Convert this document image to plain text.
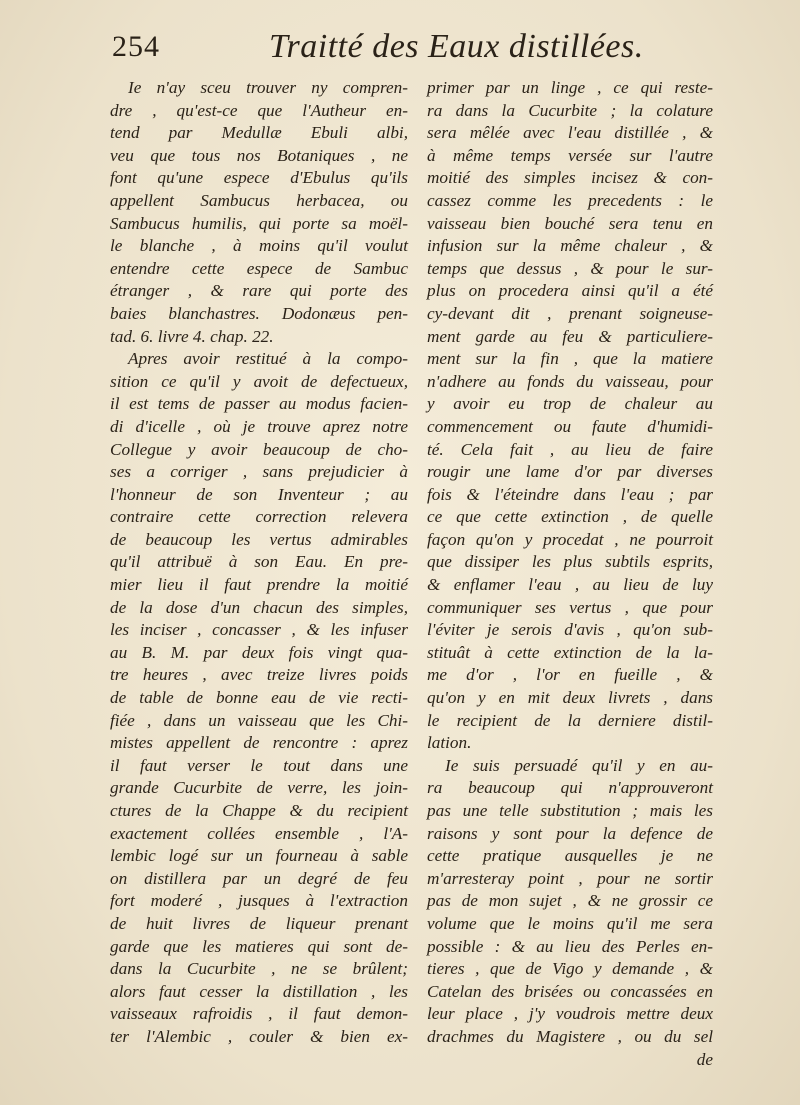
254	Traitté des Eaux distillées.
Ie n'ay sceu trouver ny compren-
dre , qu'est-ce que l'Autheur en-
tend par Medullæ Ebuli albi,
veu que tous nos Botaniques , ne
font qu'une espece d'Ebulus qu'ils
appellent Sambucus herbacea, ou
Sambucus humilis, qui porte sa moël-
le blanche , à moins qu'il voulut
entendre cette espece de Sambuc
étranger , & rare qui porte des
baies blanchastres. Dodonæus pen-
tad. 6. livre 4. chap. 22.
Apres avoir restitué à la compo-
sition ce qu'il y avoit de defectueux,
il est tems de passer au modus facien-
di d'icelle , où je trouve aprez notre
Collegue y avoir beaucoup de cho-
ses a corriger , sans prejudicier à
l'honneur de son Inventeur ; au
contraire cette correction relevera
de beaucoup les vertus admirables
qu'il attribuë à son Eau. En pre-
mier lieu il faut prendre la moitié
de la dose d'un chacun des simples,
les inciser , concasser , & les infuser
au B. M. par deux fois vingt qua-
tre heures , avec treize livres poids
de table de bonne eau de vie recti-
fiée , dans un vaisseau que les Chi-
mistes appellent de rencontre : aprez
il faut verser le tout dans une
grande Cucurbite de verre, les join-
ctures de la Chappe & du recipient
exactement collées ensemble , l'A-
lembic logé sur un fourneau à sable
on distillera par un degré de feu
fort moderé , jusques à l'extraction
de huit livres de liqueur prenant
garde que les matieres qui sont de-
dans la Cucurbite , ne se brûlent;
alors faut cesser la distillation , les
vaisseaux rafroidis , il faut demon-
ter l'Alembic , couler & bien ex-
primer par un linge , ce qui reste-
ra dans la Cucurbite ; la colature
sera mêlée avec l'eau distillée , &
à même temps versée sur l'autre
moitié des simples incisez & con-
cassez comme les precedents : le
vaisseau bien bouché sera tenu en
infusion sur la même chaleur , &
temps que dessus , & pour le sur-
plus on procedera ainsi qu'il a été
cy-devant dit , prenant soigneuse-
ment garde au feu & particuliere-
ment sur la fin , que la matiere
n'adhere au fonds du vaisseau, pour
y avoir eu trop de chaleur au
commencement ou faute d'humidi-
té. Cela fait , au lieu de faire
rougir une lame d'or par diverses
fois & l'éteindre dans l'eau ; par
ce que cette extinction , de quelle
façon qu'on y procedat , ne pourroit
que dissiper les plus subtils esprits,
& enflamer l'eau , au lieu de luy
communiquer ses vertus , que pour
l'éviter je serois d'avis , qu'on sub-
stituât à cette extinction de la la-
me d'or , l'or en fueille , &
qu'on y en mit deux livrets , dans
le recipient de la derniere distil-
lation.
Ie suis persuadé qu'il y en au-
ra beaucoup qui n'approuveront
pas une telle substitution ; mais les
raisons y sont pour la defence de
cette pratique ausquelles je ne
m'arresteray point , pour ne sortir
pas de mon sujet , & ne grossir ce
volume que le moins qu'il me sera
possible : & au lieu des Perles en-
tieres , que de Vigo y demande , &
Catelan des brisées ou concassées en
leur place , j'y voudrois mettre deux
drachmes du Magistere , ou du sel
de
